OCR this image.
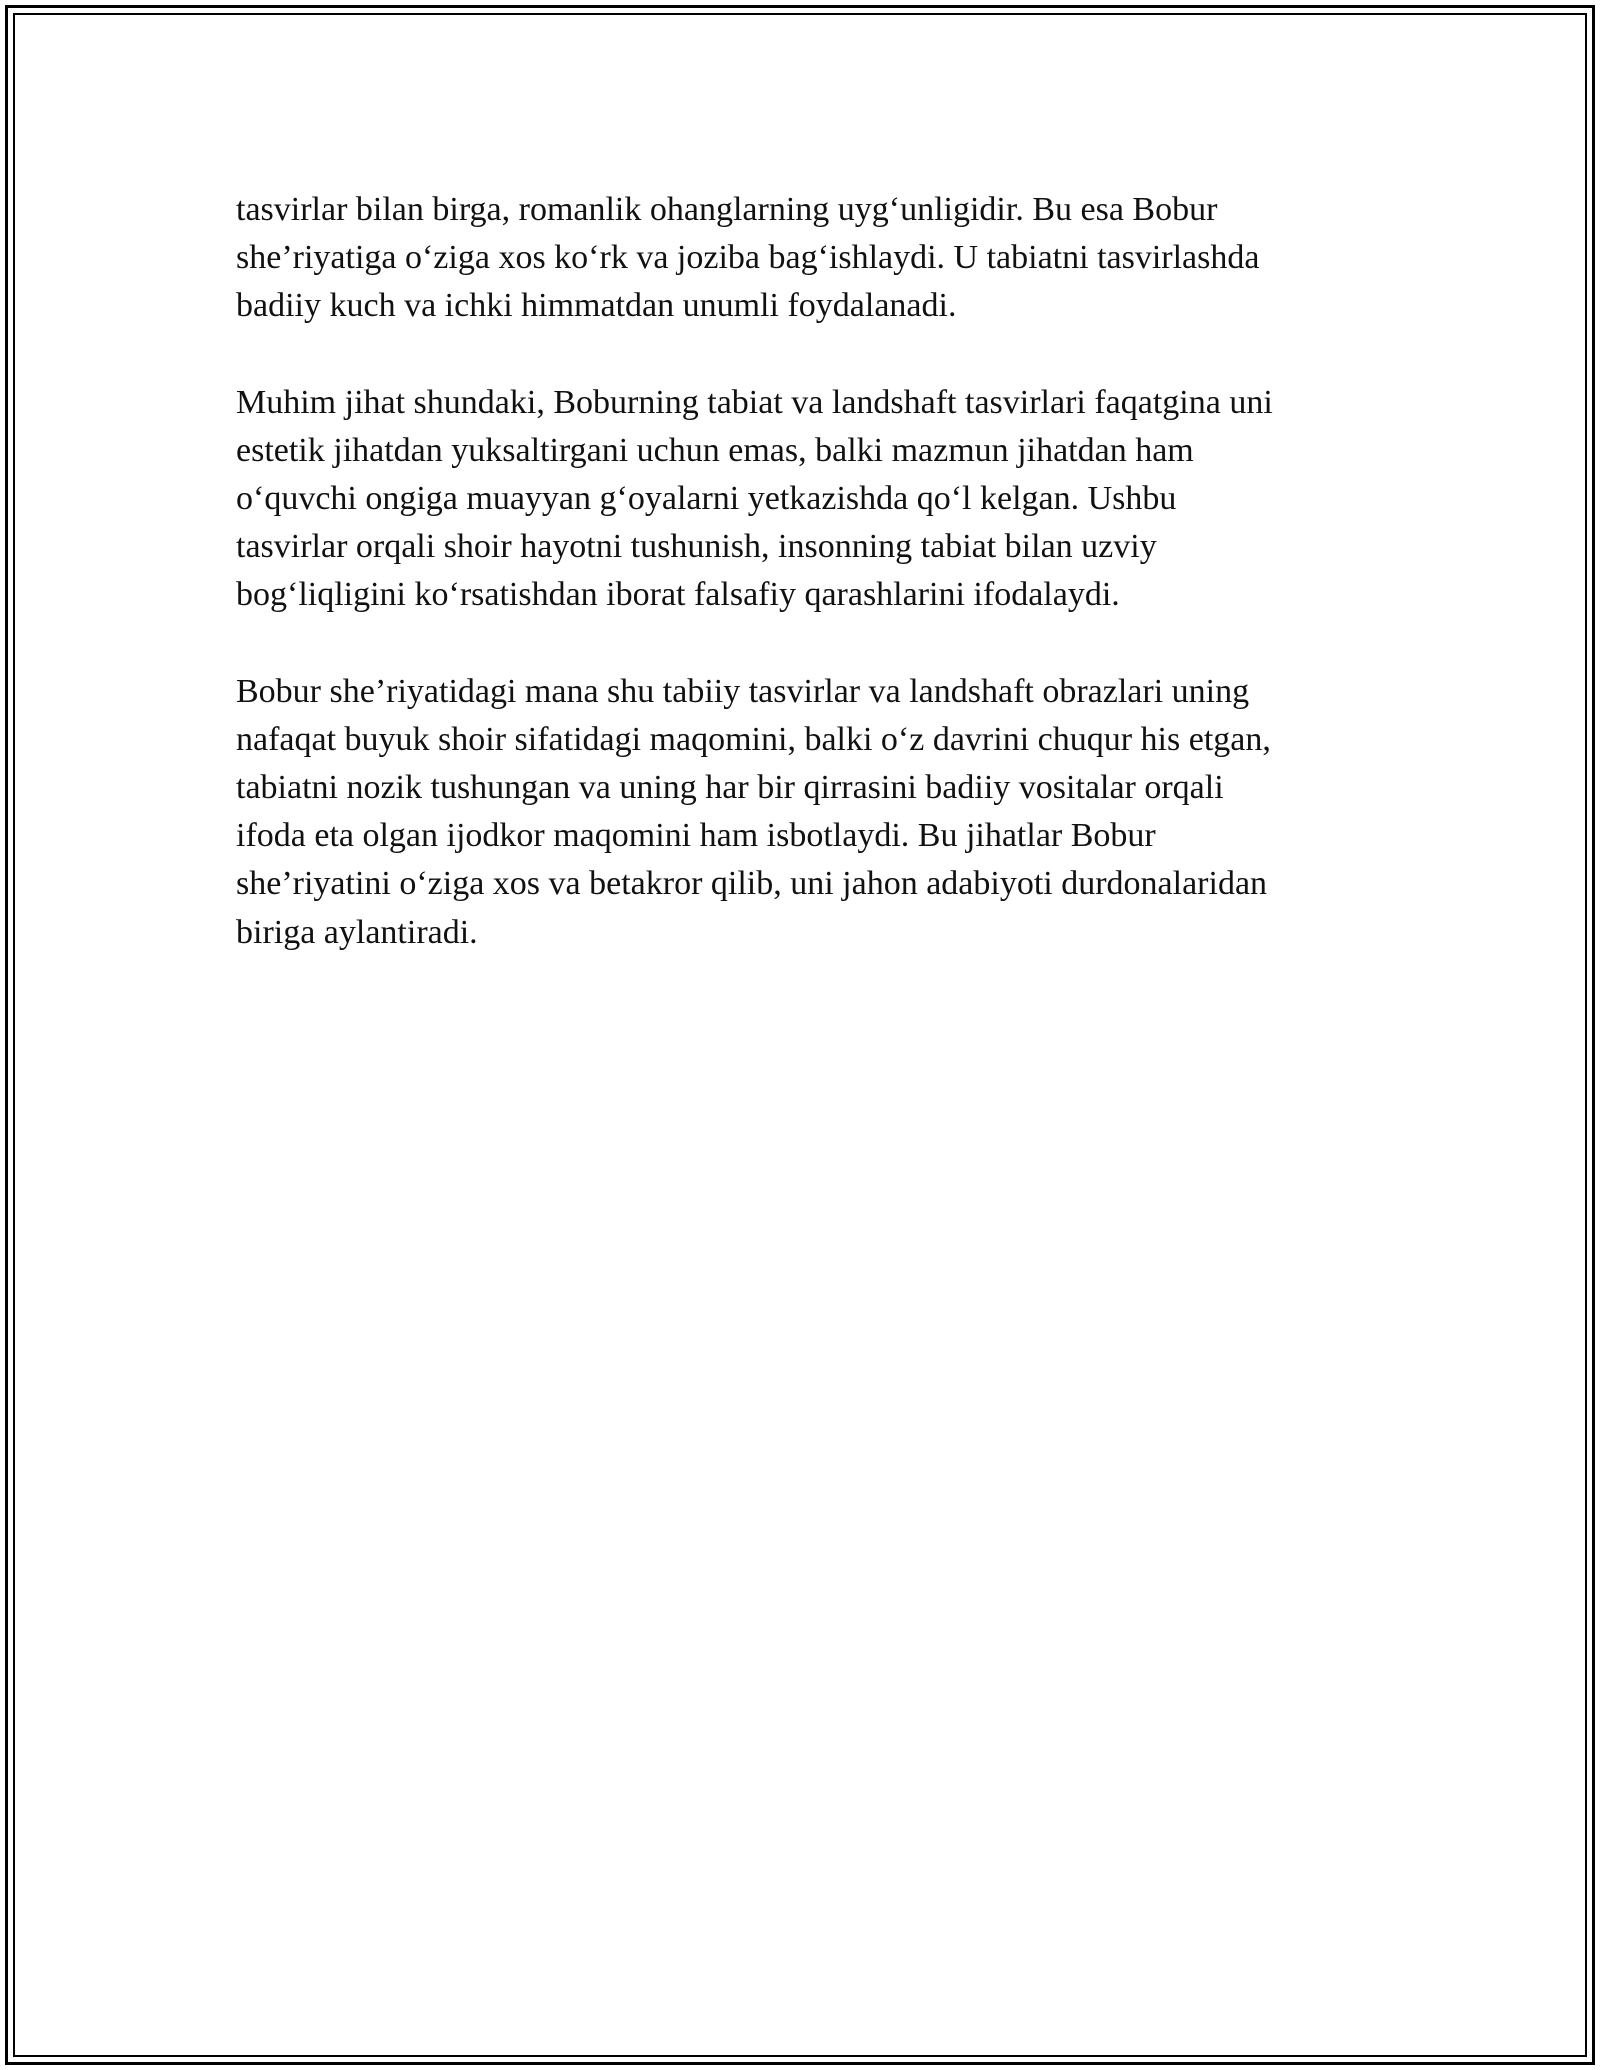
tasvirlar bilan birga, romanlik ohanglarning uyg‘unligidir. Bu esa Bobur
she’riyatiga o‘ziga xos ko‘rk va joziba bag‘ishlaydi. U tabiatni tasvirlashda
badiiy kuch va ichki himmatdan unumli foydalanadi.

Muhim jihat shundaki, Boburning tabiat va landshaft tasvirlari faqatgina uni
estetik jihatdan yuksaltirgani uchun emas, balki mazmun jihatdan ham
o‘quvchi ongiga muayyan g‘oyalarni yetkazishda qo‘l kelgan. Ushbu
tasvirlar orqali shoir hayotni tushunish, insonning tabiat bilan uzviy
bog‘liqligini ko‘rsatishdan iborat falsafiy qarashlarini ifodalaydi.

Bobur she’riyatidagi mana shu tabiiy tasvirlar va landshaft obrazlari uning
nafaqat buyuk shoir sifatidagi maqomini, balki o‘z davrini chuqur his etgan,
tabiatni nozik tushungan va uning har bir qirrasini badiiy vositalar orqali
ifoda eta olgan ijodkor maqomini ham isbotlaydi. Bu jihatlar Bobur
she’riyatini o‘ziga xos va betakror qilib, uni jahon adabiyoti durdonalaridan
biriga aylantiradi.
